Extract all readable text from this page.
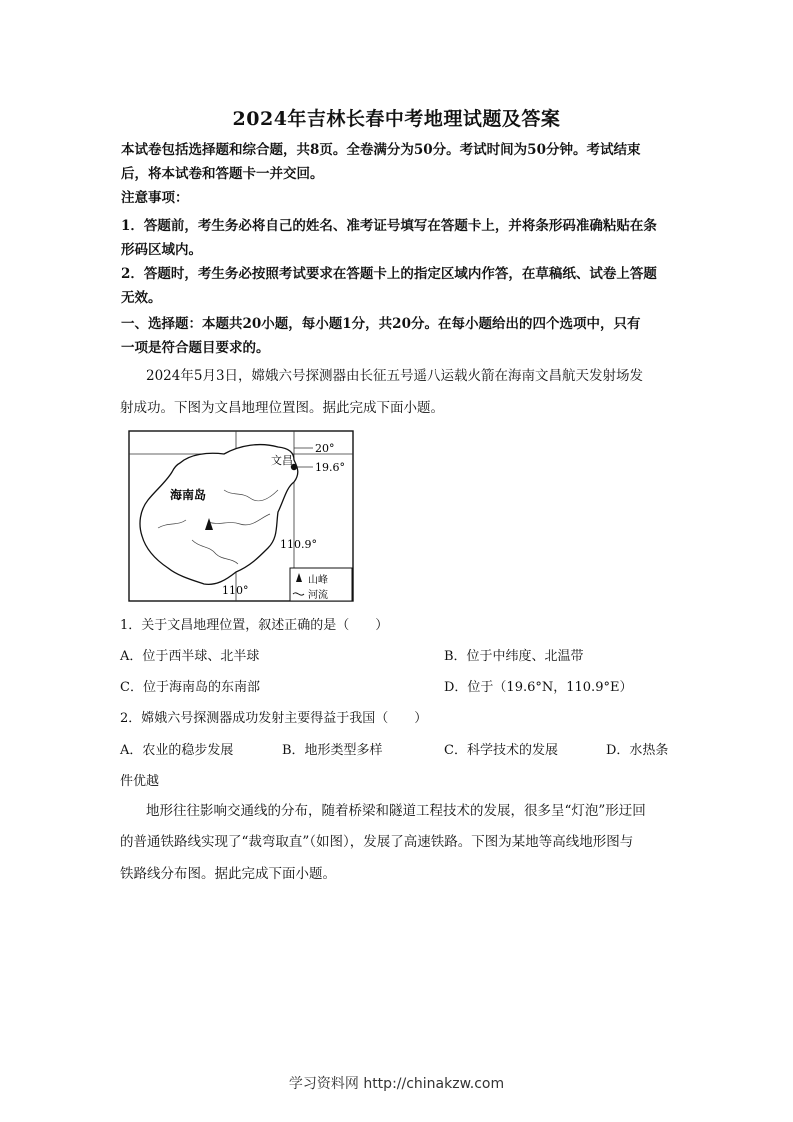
2024年吉林长春中考地理试题及答案
本试卷包括选择题和综合题，共8页。全卷满分为50分。考试时间为50分钟。考试结束
后，将本试卷和答题卡一并交回。
注意事项：
1．答题前，考生务必将自己的姓名、准考证号填写在答题卡上，并将条形码准确粘贴在条
形码区域内。
2．答题时，考生务必按照考试要求在答题卡上的指定区域内作答，在草稿纸、试卷上答题
无效。
一、选择题：本题共20小题，每小题1分，共20分。在每小题给出的四个选项中，只有
一项是符合题目要求的。
2024年5月3日，嫦娥六号探测器由长征五号遥八运载火箭在海南文昌航天发射场发
射成功。下图为文昌地理位置图。据此完成下面小题。
海南岛
文昌
20°
19.6°
110.9°
110°
山峰
河流
1．关于文昌地理位置，叙述正确的是（　　）
A．位于西半球、北半球	B．位于中纬度、北温带
C．位于海南岛的东南部	D．位于（19.6°N，110.9°E）
2．嫦娥六号探测器成功发射主要得益于我国（　　）
A．农业的稳步发展	B．地形类型多样	C．科学技术的发展	D．水热条
件优越
地形往往影响交通线的分布，随着桥梁和隧道工程技术的发展，很多呈“灯泡”形迂回
的普通铁路线实现了“裁弯取直”（如图），发展了高速铁路。下图为某地等高线地形图与
铁路线分布图。据此完成下面小题。
学习资料网 http://chinakzw.com
